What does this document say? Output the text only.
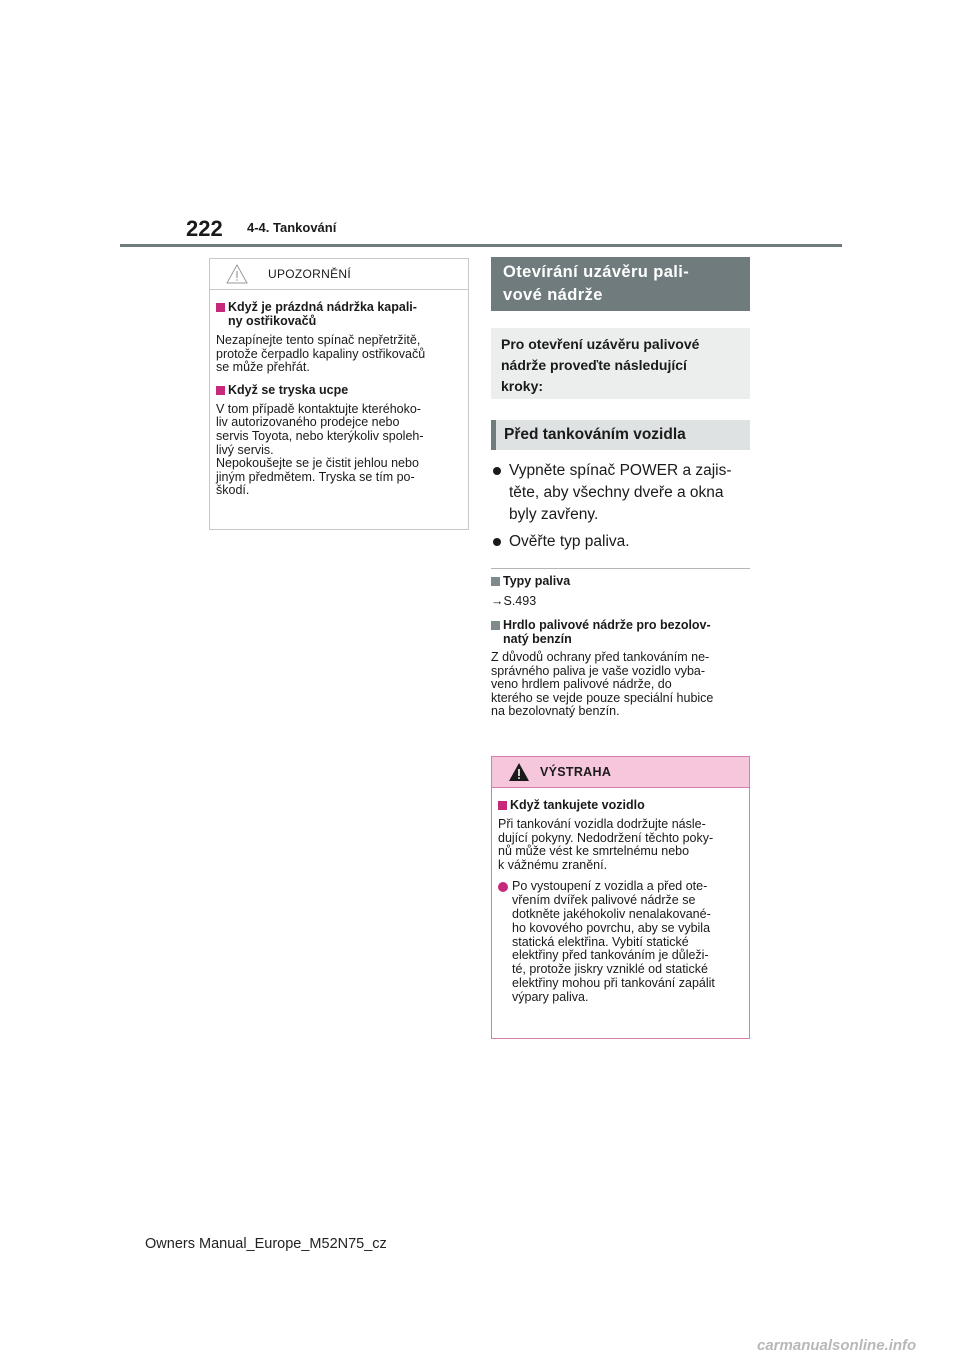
222 4-4. Tankování
UPOZORNĚNÍ
Když je prázdná nádržka kapali-
ny ostřikovačů
Nezapínejte tento spínač nepřetržitě,
protože čerpadlo kapaliny ostřikovačů
se může přehřát.
Když se tryska ucpe
V tom případě kontaktujte kteréhoko-
liv autorizovaného prodejce nebo
servis Toyota, nebo kterýkoliv spoleh-
livý servis.
Nepokoušejte se je čistit jehlou nebo
jiným předmětem. Tryska se tím po-
škodí.
Otevírání uzávěru pali-
vové nádrže
Pro otevření uzávěru palivové
nádrže proveďte následující
kroky:
Před tankováním vozidla
Vypněte spínač POWER a zajis-
těte, aby všechny dveře a okna
byly zavřeny.
Ověřte typ paliva.
Typy paliva
→S.493
Hrdlo palivové nádrže pro bezolov-
natý benzín
Z důvodů ochrany před tankováním ne-
správného paliva je vaše vozidlo vyba-
veno hrdlem palivové nádrže, do
kterého se vejde pouze speciální hubice
na bezolovnatý benzín.
VÝSTRAHA
Když tankujete vozidlo
Při tankování vozidla dodržujte násle-
dující pokyny. Nedodržení těchto poky-
nů může vést ke smrtelnému nebo
k vážnému zranění.
Po vystoupení z vozidla a před ote-
vřením dvířek palivové nádrže se
dotkněte jakéhokoliv nenalakované-
ho kovového povrchu, aby se vybila
statická elektřina. Vybití statické
elektřiny před tankováním je důleži-
té, protože jiskry vzniklé od statické
elektřiny mohou při tankování zapálit
výpary paliva.
Owners Manual_Europe_M52N75_cz
carmanualsonline.info
